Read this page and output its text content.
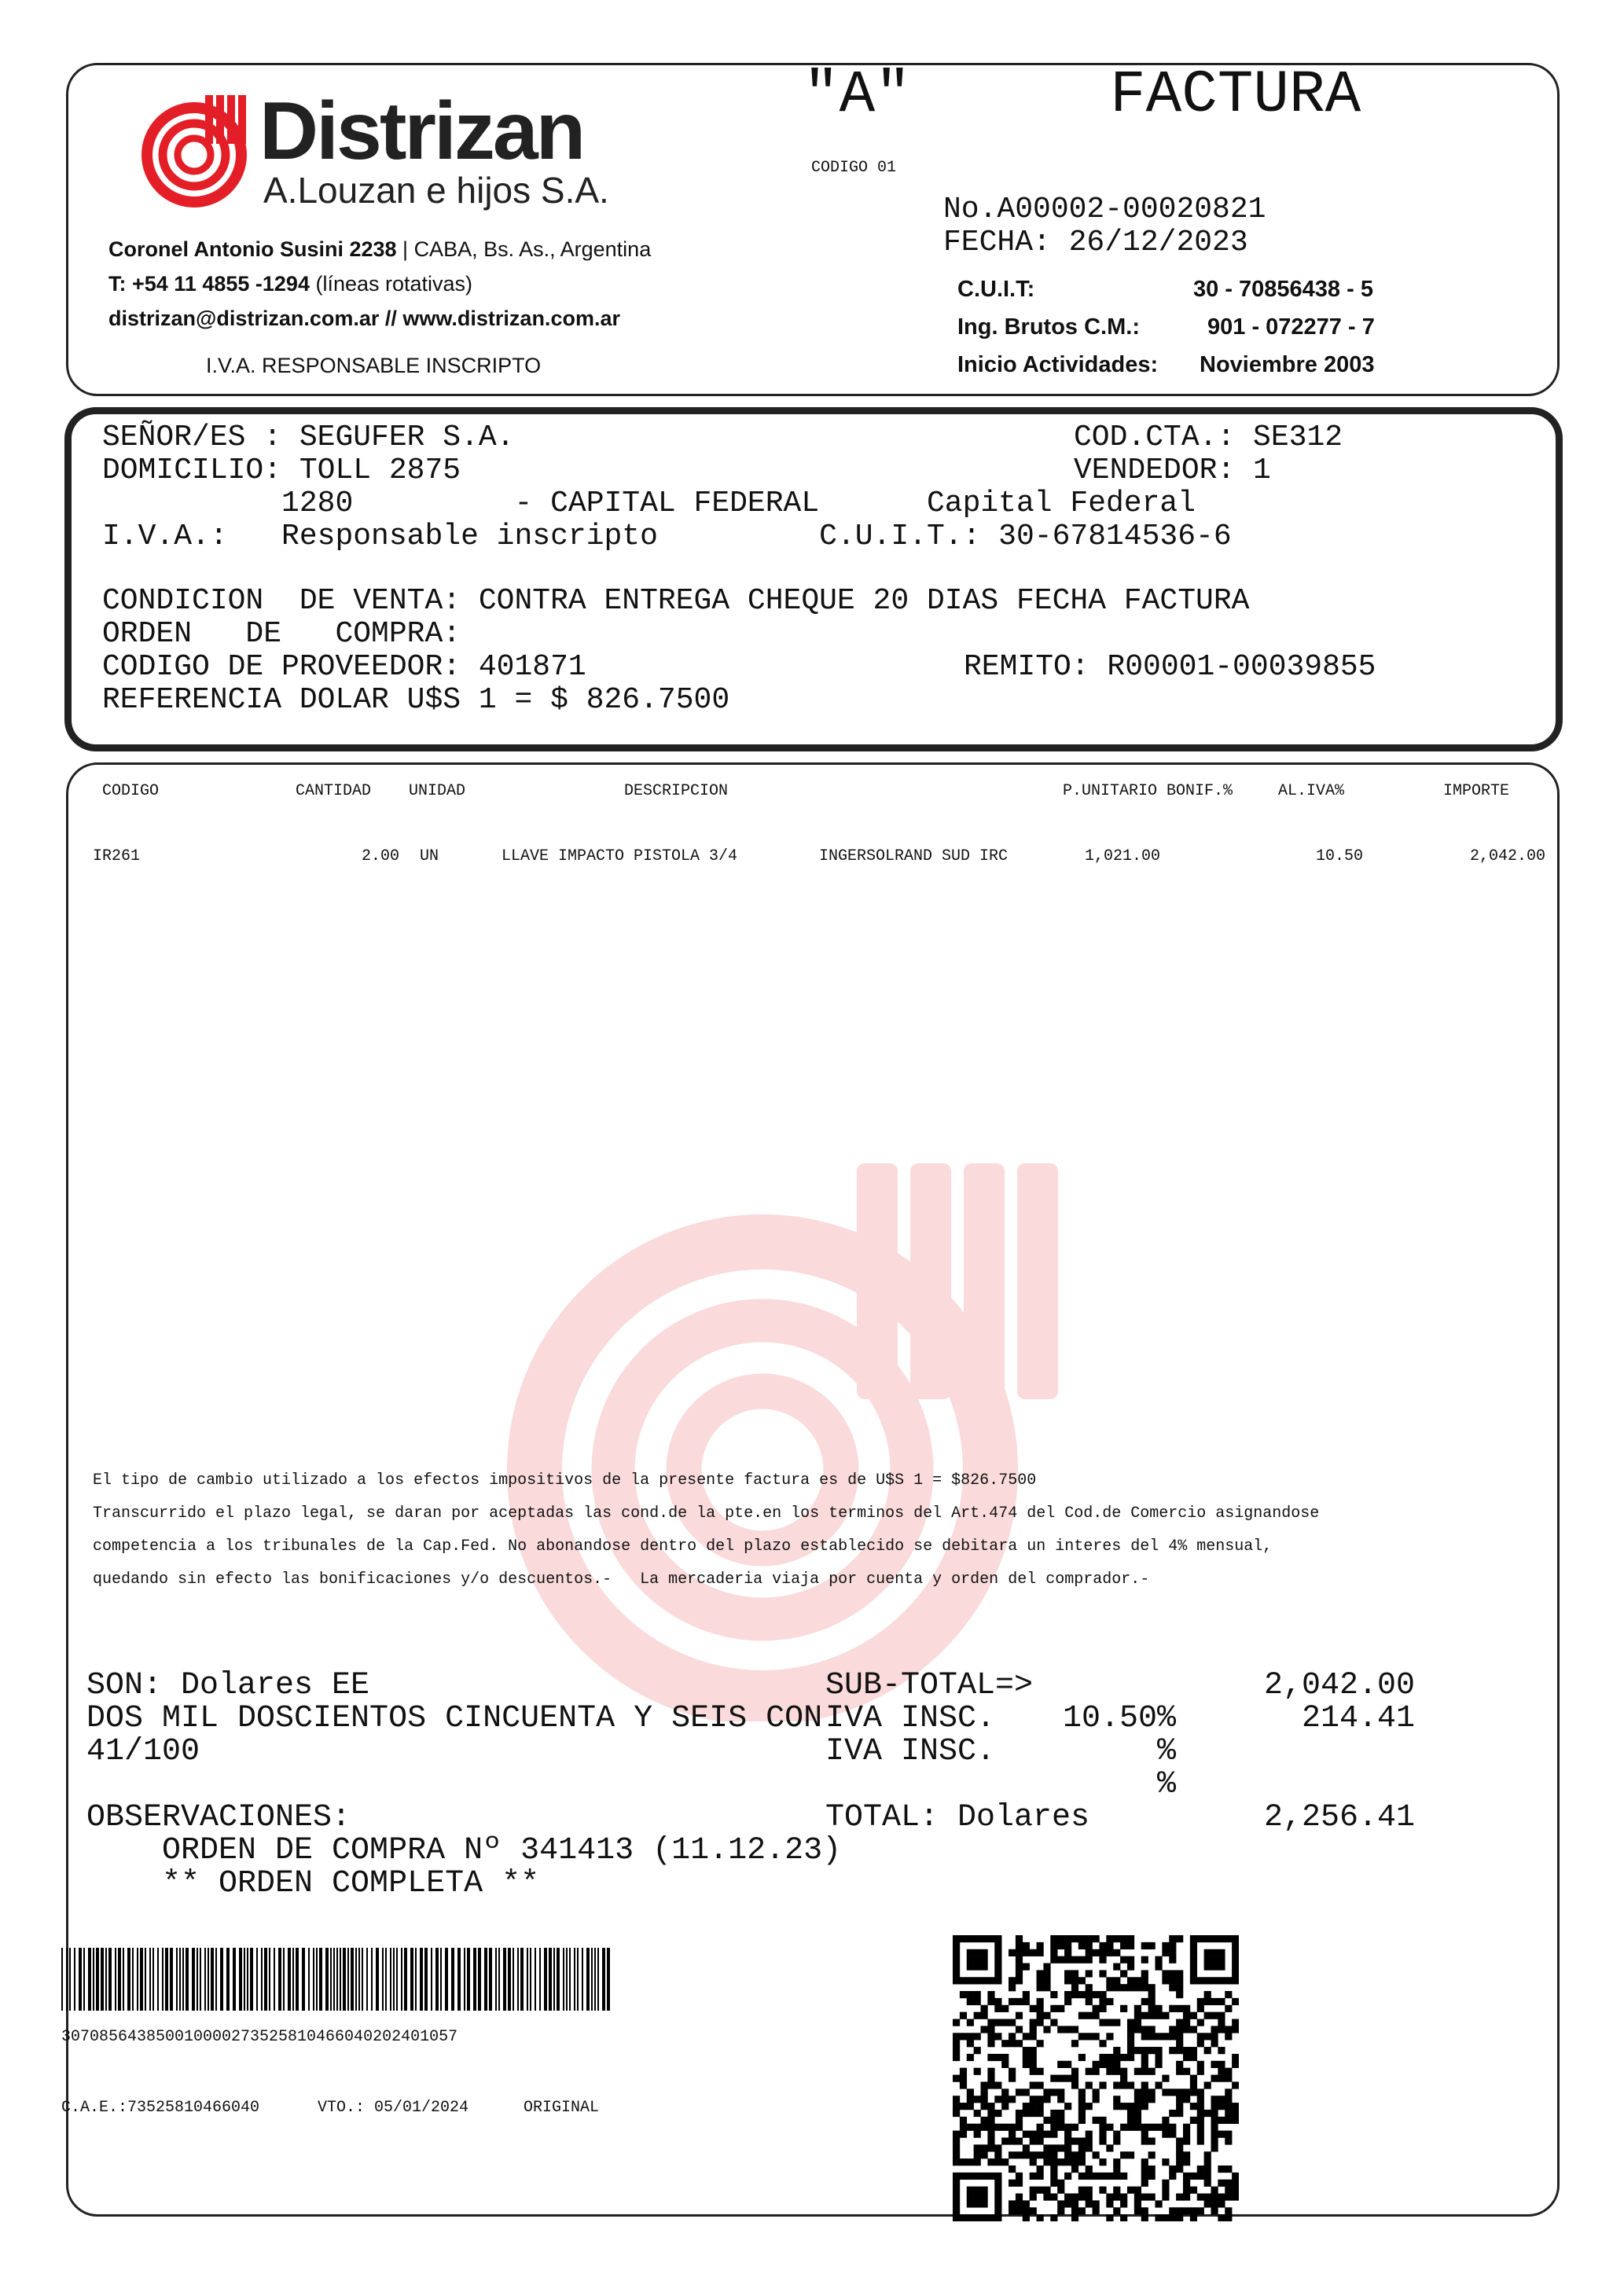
Distrizan
A.Louzan e hijos S.A.
Coronel Antonio Susini 2238 | CABA, Bs. As., Argentina
T: +54 11 4855 -1294 (líneas rotativas)
distrizan@distrizan.com.ar // www.distrizan.com.ar
I.V.A. RESPONSABLE INSCRIPTO
"A"	FACTURA
CODIGO 01
No.A00002-00020821
FECHA: 26/12/2023
C.U.I.T:	30 - 70856438 - 5
Ing. Brutos C.M.:	901 - 072277 - 7
Inicio Actividades: Noviembre 2003
SEÑOR/ES : SEGUFER S.A.	COD.CTA.: SE312
DOMICILIO: TOLL 2875	VENDEDOR: 1
1280         - CAPITAL FEDERAL      Capital Federal
I.V.A.:   Responsable inscripto         C.U.I.T.: 30-67814536-6
CONDICION  DE VENTA: CONTRA ENTREGA CHEQUE 20 DIAS FECHA FACTURA
ORDEN   DE   COMPRA:
CODIGO DE PROVEEDOR: 401871	REMITO: R00001-00039855
REFERENCIA DOLAR U$S 1 = $ 826.7500
CODIGO	CANTIDAD UNIDAD	DESCRIPCION	P.UNITARIO BONIF.%	AL.IVA%	IMPORTE
IR261	2.00 UN	LLAVE IMPACTO PISTOLA 3/4	INGERSOLRAND SUD IRC	1,021.00	10.50	2,042.00
El tipo de cambio utilizado a los efectos impositivos de la presente factura es de U$S 1 = $826.7500
Transcurrido el plazo legal, se daran por aceptadas las cond.de la pte.en los terminos del Art.474 del Cod.de Comercio asignandose
competencia a los tribunales de la Cap.Fed. No abonandose dentro del plazo establecido se debitara un interes del 4% mensual,
quedando sin efecto las bonificaciones y/o descuentos.-   La mercaderia viaja por cuenta y orden del comprador.-
SON: Dolares EE
DOS MIL DOSCIENTOS CINCUENTA Y SEIS CON
41/100
OBSERVACIONES:
ORDEN DE COMPRA Nº 341413 (11.12.23)
** ORDEN COMPLETA **
SUB-TOTAL=>	2,042.00
IVA INSC.	10.50%	214.41
IVA INSC.	%
%
TOTAL: Dolares	2,256.41
30708564385001000027352581046604020240105​7
C.A.E.:73525810466040	VTO.: 05/01/2024	ORIGINAL
